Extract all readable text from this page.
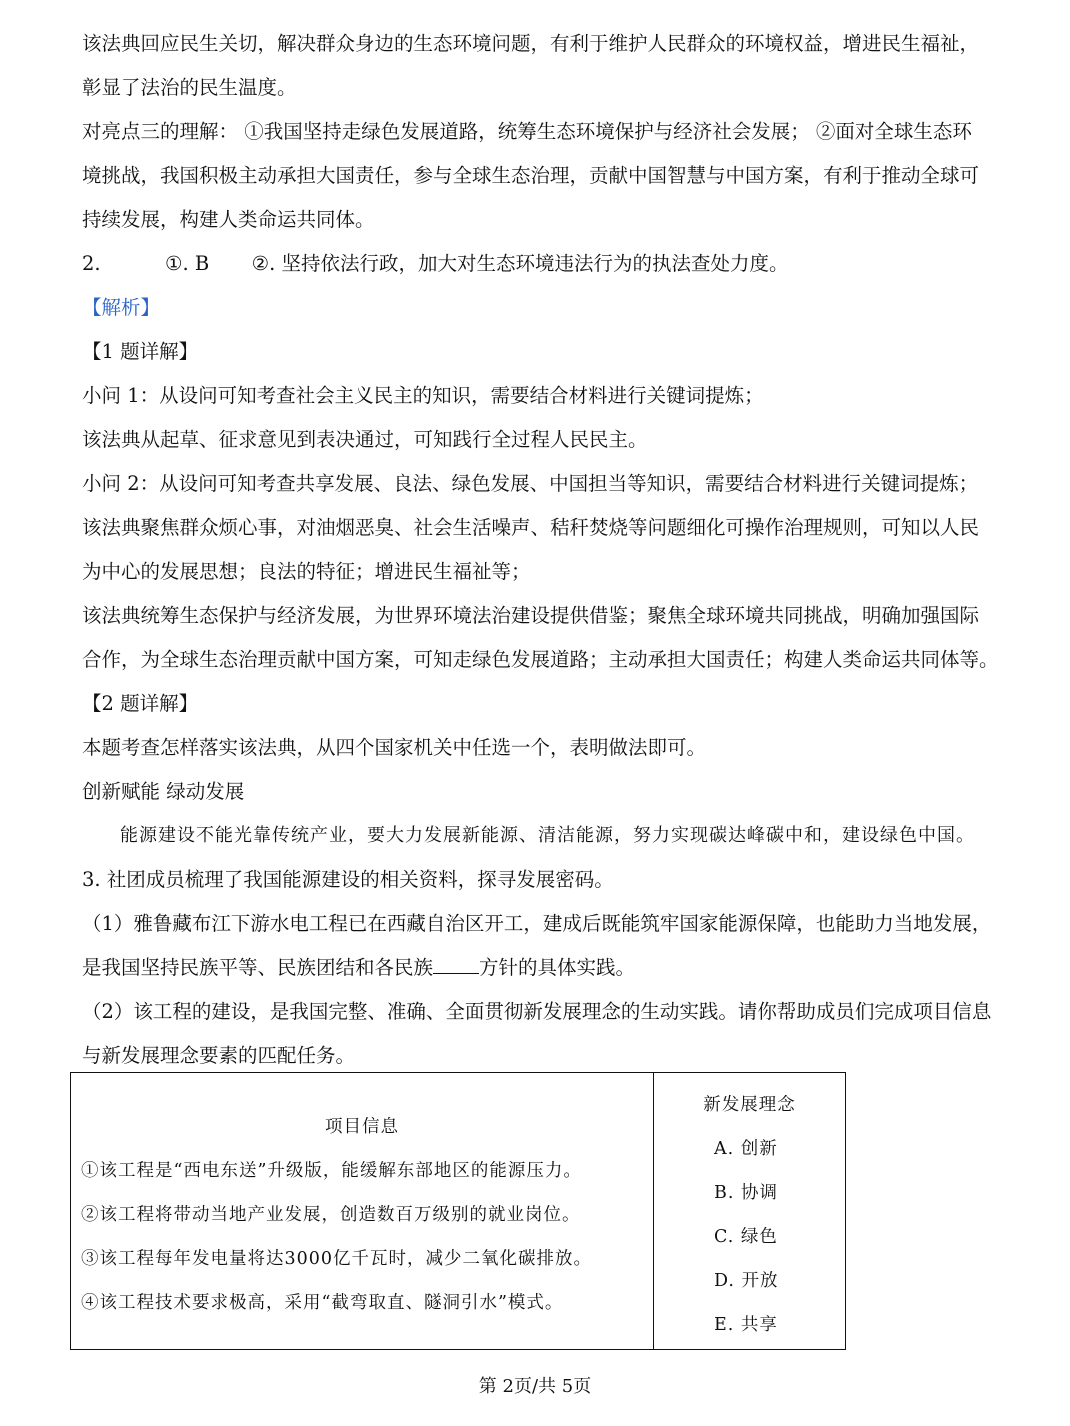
该法典回应民生关切，解决群众身边的生态环境问题，有利于维护人民群众的环境权益，增进民生福祉，
彰显了法治的民生温度。
对亮点三的理解： ①我国坚持走绿色发展道路，统筹生态环境保护与经济社会发展； ②面对全球生态环
境挑战，我国积极主动承担大国责任，参与全球生态治理，贡献中国智慧与中国方案，有利于推动全球可
持续发展，构建人类命运共同体。
2.	①. B ②. 坚持依法行政，加大对生态环境违法行为的执法查处力度。
【解析】
【1 题详解】
小问 1：从设问可知考查社会主义民主的知识，需要结合材料进行关键词提炼；
该法典从起草、征求意见到表决通过，可知践行全过程人民民主。
小问 2：从设问可知考查共享发展、良法、绿色发展、中国担当等知识，需要结合材料进行关键词提炼；
该法典聚焦群众烦心事，对油烟恶臭、社会生活噪声、秸秆焚烧等问题细化可操作治理规则，可知以人民
为中心的发展思想；良法的特征；增进民生福祉等；
该法典统筹生态保护与经济发展，为世界环境法治建设提供借鉴；聚焦全球环境共同挑战，明确加强国际
合作，为全球生态治理贡献中国方案，可知走绿色发展道路；主动承担大国责任；构建人类命运共同体等。
【2 题详解】
本题考查怎样落实该法典，从四个国家机关中任选一个，表明做法即可。
创新赋能 绿动发展
能源建设不能光靠传统产业，要大力发展新能源、清洁能源，努力实现碳达峰碳中和，建设绿色中国。
3. 社团成员梳理了我国能源建设的相关资料，探寻发展密码。
（1）雅鲁藏布江下游水电工程已在西藏自治区开工，建成后既能筑牢国家能源保障，也能助力当地发展，
是我国坚持民族平等、民族团结和各民族 方针的具体实践。
（2）该工程的建设，是我国完整、准确、全面贯彻新发展理念的生动实践。请你帮助成员们完成项目信息
与新发展理念要素的匹配任务。
项目信息
①该工程是“西电东送”升级版，能缓解东部地区的能源压力。
②该工程将带动当地产业发展，创造数百万级别的就业岗位。
③该工程每年发电量将达3000亿千瓦时，减少二氧化碳排放。
④该工程技术要求极高，采用“截弯取直、隧洞引水”模式。

新发展理念
A. 创新
B. 协调
C. 绿色
D. 开放
E. 共享
第 2页/共 5页
